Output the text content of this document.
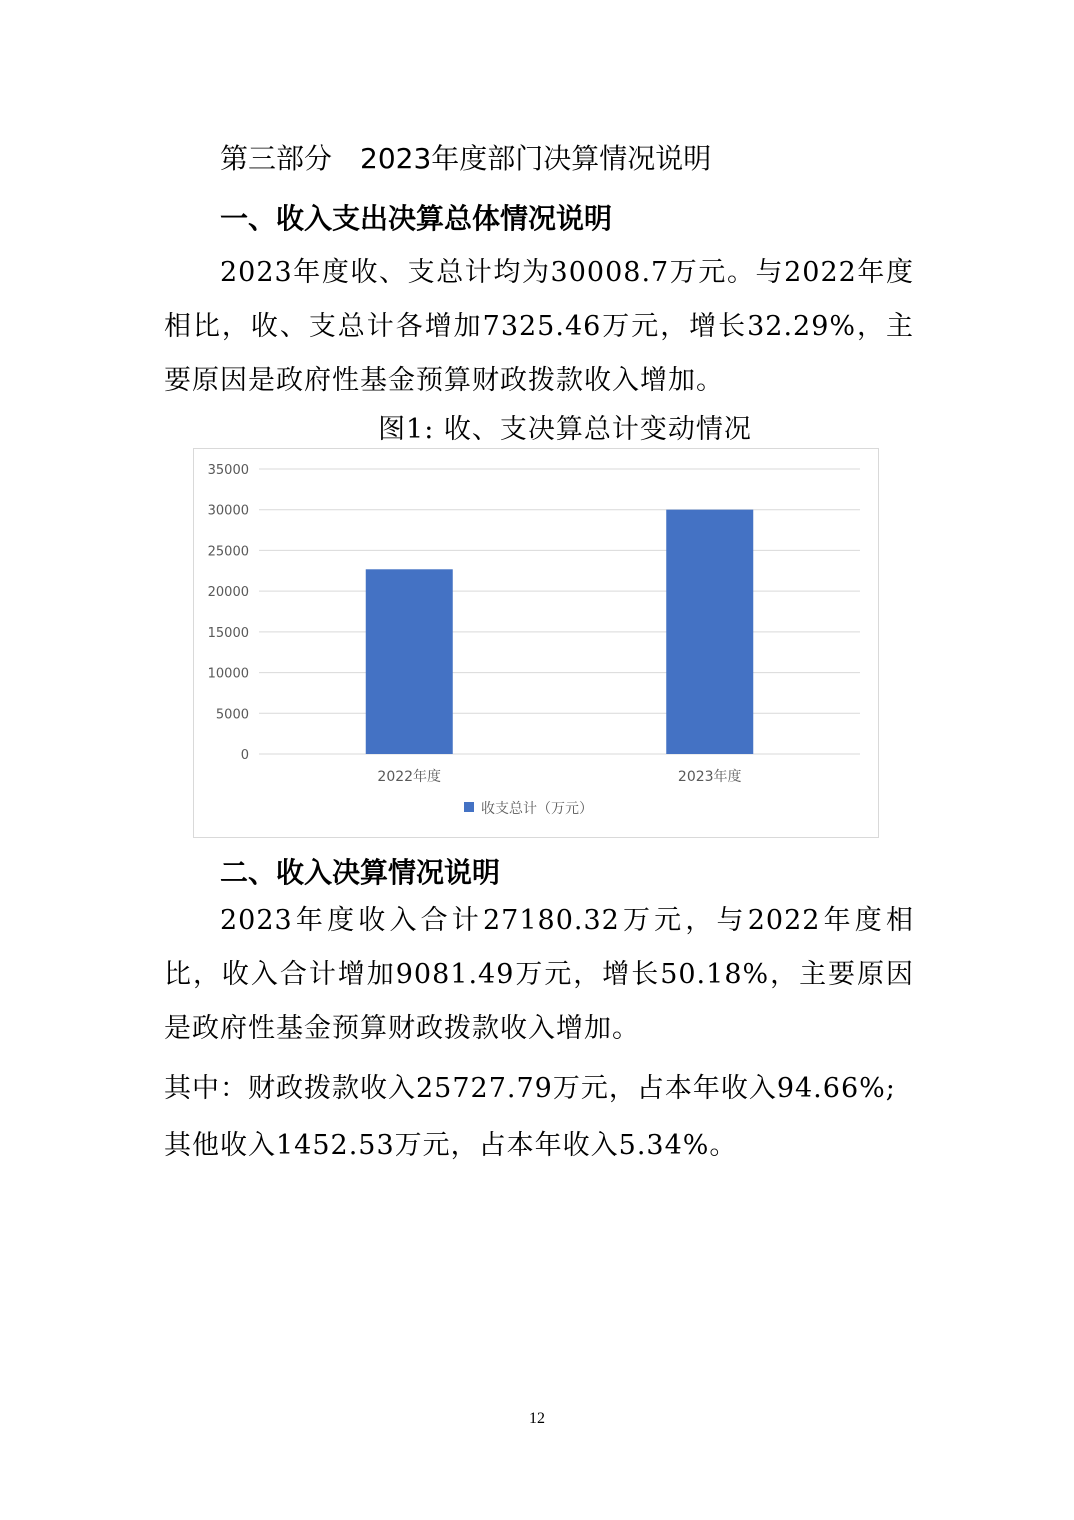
第三部分　2023年度部门决算情况说明
一、收入支出决算总体情况说明

2023年度收、支总计均为30008.7万元。与2022年度相比，收、支总计各增加7325.46万元，增长32.29%，主要原因是政府性基金预算财政拨款收入增加。

图1: 收、支决算总计变动情况

0
5000
10000
15000
20000
25000
30000
35000
2022年度	2023年度
收支总计（万元）
二、收入决算情况说明

2023年度收入合计27180.32万元，与2022年度相比，收入合计增加9081.49万元，增长50.18%，主要原因是政府性基金预算财政拨款收入增加。

其中：财政拨款收入25727.79万元，占本年收入94.66%;

其他收入1452.53万元，占本年收入5.34%。

12
